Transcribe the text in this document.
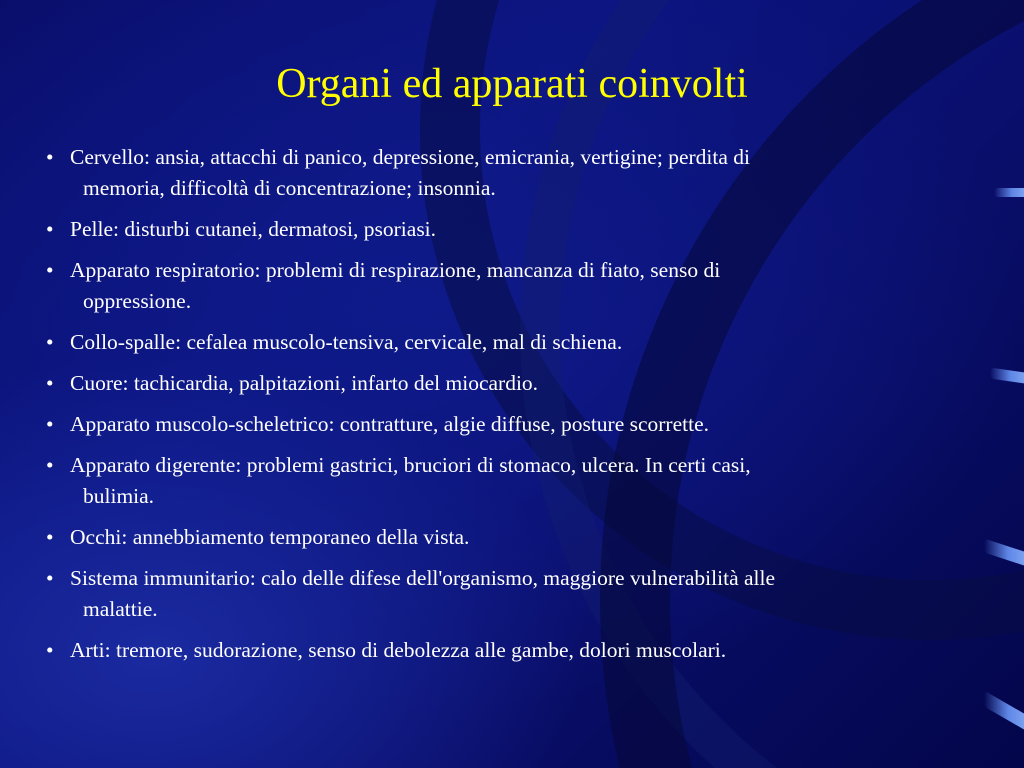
Organi ed apparati coinvolti
• Cervello: ansia, attacchi di panico, depressione, emicrania, vertigine; perdita di
memoria, difficoltà di concentrazione; insonnia.
• Pelle: disturbi cutanei, dermatosi, psoriasi.
• Apparato respiratorio: problemi di respirazione, mancanza di fiato, senso di
oppressione.
• Collo-spalle: cefalea muscolo-tensiva, cervicale, mal di schiena.
• Cuore: tachicardia, palpitazioni, infarto del miocardio.
• Apparato muscolo-scheletrico: contratture, algie diffuse, posture scorrette.
• Apparato digerente: problemi gastrici, bruciori di stomaco, ulcera. In certi casi,
bulimia.
• Occhi: annebbiamento temporaneo della vista.
• Sistema immunitario: calo delle difese dell'organismo, maggiore vulnerabilità alle
malattie.
• Arti: tremore, sudorazione, senso di debolezza alle gambe, dolori muscolari.
